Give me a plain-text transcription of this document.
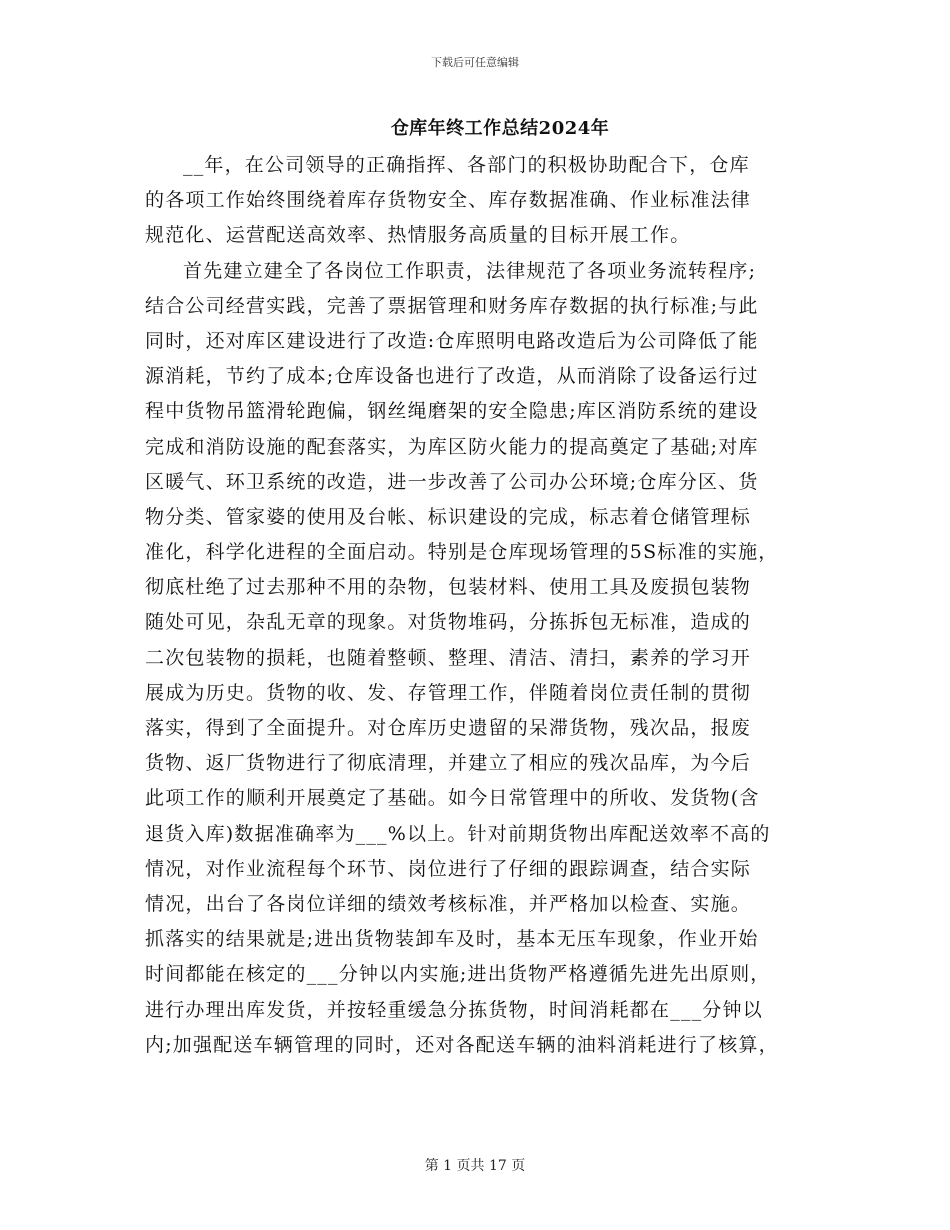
下载后可任意编辑
仓库年终工作总结2024年
__年，在公司领导的正确指挥、各部门的积极协助配合下，仓库
的各项工作始终围绕着库存货物安全、库存数据准确、作业标准法律
规范化、运营配送高效率、热情服务高质量的目标开展工作。
首先建立建全了各岗位工作职责，法律规范了各项业务流转程序;
结合公司经营实践，完善了票据管理和财务库存数据的执行标准;与此
同时，还对库区建设进行了改造:仓库照明电路改造后为公司降低了能
源消耗，节约了成本;仓库设备也进行了改造，从而消除了设备运行过
程中货物吊篮滑轮跑偏，钢丝绳磨架的安全隐患;库区消防系统的建设
完成和消防设施的配套落实，为库区防火能力的提高奠定了基础;对库
区暖气、环卫系统的改造，进一步改善了公司办公环境;仓库分区、货
物分类、管家婆的使用及台帐、标识建设的完成，标志着仓储管理标
准化，科学化进程的全面启动。特别是仓库现场管理的5S标准的实施，
彻底杜绝了过去那种不用的杂物，包装材料、使用工具及废损包装物
随处可见，杂乱无章的现象。对货物堆码，分拣拆包无标准，造成的
二次包装物的损耗，也随着整顿、整理、清洁、清扫，素养的学习开
展成为历史。货物的收、发、存管理工作，伴随着岗位责任制的贯彻
落实，得到了全面提升。对仓库历史遗留的呆滞货物，残次品，报废
货物、返厂货物进行了彻底清理，并建立了相应的残次品库，为今后
此项工作的顺利开展奠定了基础。如今日常管理中的所收、发货物(含
退货入库)数据准确率为___%以上。针对前期货物出库配送效率不高的
情况，对作业流程每个环节、岗位进行了仔细的跟踪调查，结合实际
情况，出台了各岗位详细的绩效考核标准，并严格加以检查、实施。
抓落实的结果就是;进出货物装卸车及时，基本无压车现象，作业开始
时间都能在核定的___分钟以内实施;进出货物严格遵循先进先出原则，
进行办理出库发货，并按轻重缓急分拣货物，时间消耗都在___分钟以
内;加强配送车辆管理的同时，还对各配送车辆的油料消耗进行了核算，
第 1 页共 17 页
